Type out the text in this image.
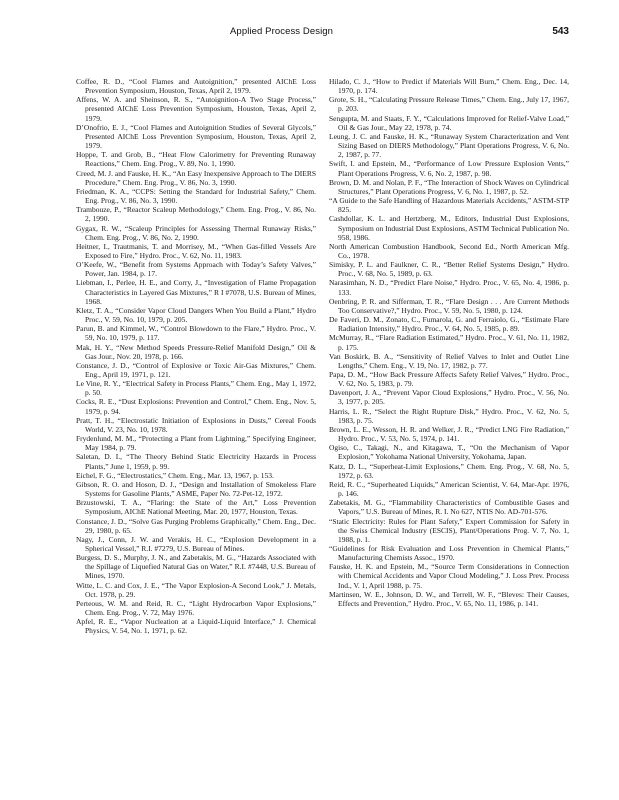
Applied Process Design	543

Coffee, R. D., “Cool Flames and Autoignition,” presented AIChE Loss Prevention Symposium, Houston, Texas, April 2, 1979.

Affens, W. A. and Sheinson, R. S., “Autoignition-A Two Stage Process,” presented AIChE Loss Prevention Symposium, Houston, Texas, April 2, 1979.

D’Onofrio, E. J., “Cool Flames and Autoignition Studies of Several Glycols,” Presented AIChE Loss Prevention Symposium, Houston, Texas, April 2, 1979.

Hoppe, T. and Grob, B., “Heat Flow Calorimetry for Preventing Runaway Reactions,” Chem. Eng. Prog., V. 89, No. 1, 1990.

Creed, M. J. and Fauske, H. K., “An Easy Inexpensive Approach to The DIERS Procedure,” Chem. Eng. Prog., V. 86, No. 3, 1990.

Friedman, K. A., “CCPS: Setting the Standard for Industrial Safety,” Chem. Eng. Prog., V. 86, No. 3, 1990.

Trambouze, P., “Reactor Scaleup Methodology,” Chem. Eng. Prog., V. 86, No. 2, 1990.

Gygax, R. W., “Scaleup Principles for Assessing Thermal Runaway Risks,” Chem. Eng. Prog., V. 86, No. 2, 1990.

Heitner, I., Trautmanis, T. and Morrisey, M., “When Gas-filled Vessels Are Exposed to Fire,” Hydro. Proc., V. 62, No. 11, 1983.

O’Keefe, W., “Benefit from Systems Approach with Today’s Safety Valves,” Power, Jan. 1984, p. 17.

Liebman, I., Perlee, H. E., and Corry, J., “Investigation of Flame Propagation Characteristics in Layered Gas Mixtures,” R I #7078, U.S. Bureau of Mines, 1968.

Kletz, T. A., “Consider Vapor Cloud Dangers When You Build a Plant,” Hydro Proc., V. 59, No. 10, 1979, p. 205.

Parun, B. and Kimmel, W., “Control Blowdown to the Flare,” Hydro. Proc., V. 59, No. 10, 1979, p. 117.

Mak, H. Y., “New Method Speeds Pressure-Relief Manifold Design,” Oil & Gas Jour., Nov. 20, 1978, p. 166.

Constance, J. D., “Control of Explosive or Toxic Air-Gas Mixtures,” Chem. Eng., April 19, 1971, p. 121.

Le Vine, R. Y., “Electrical Safety in Process Plants,” Chem. Eng., May 1, 1972, p. 50.

Cocks, R. E., “Dust Explosions: Prevention and Control,” Chem. Eng., Nov. 5, 1979, p. 94.

Pratt, T. H., “Electrostatic Initiation of Explosions in Dusts,” Cereal Foods World, V. 23, No. 10, 1978.

Frydenlund, M. M., “Protecting a Plant from Lightning,” Specifying Engineer, May 1984, p. 79.

Saletan, D. I., “The Theory Behind Static Electricity Hazards in Process Plants,” June 1, 1959, p. 99.

Eichel, F. G., “Electrostatics,” Chem. Eng., Mar. 13, 1967, p. 153.

Gibson, R. O. and Hoson, D. J., “Design and Installation of Smokeless Flare Systems for Gasoline Plants,” ASME, Paper No. 72-Pet-12, 1972.

Brzustowski, T. A., “Flaring: the State of the Art,” Loss Prevention Symposium, AIChE National Meeting, Mar. 20, 1977, Houston, Texas.

Constance, J. D., “Solve Gas Purging Problems Graphically,” Chem. Eng., Dec. 29, 1980, p. 65.

Nagy, J., Conn, J. W. and Verakis, H. C., “Explosion Development in a Spherical Vessel,” R.I. #7279, U.S. Bureau of Mines.

Burgess, D. S., Murphy, J. N., and Zabetakis, M. G., “Hazards Associated with the Spillage of Liquefied Natural Gas on Water,” R.I. #7448, U.S. Bureau of Mines, 1970.

Witte, L. C. and Cox, J. E., “The Vapor Explosion-A Second Look,” J. Metals, Oct. 1978, p. 29.

Perteous, W. M. and Reid, R. C., “Light Hydrocarbon Vapor Explosions,” Chem. Eng. Prog., V. 72, May 1976.

Apfel, R. E., “Vapor Nucleation at a Liquid-Liquid Interface,” J. Chemical Physics, V. 54, No. 1, 1971, p. 62.

Hilado, C. J., “How to Predict if Materials Will Burn,” Chem. Eng., Dec. 14, 1970, p. 174.

Grote, S. H., “Calculating Pressure Release Times,” Chem. Eng., July 17, 1967, p. 203.

Sengupta, M. and Staats, F. Y., “Calculations Improved for Relief-Valve Load,” Oil & Gas Jour., May 22, 1978, p. 74.

Leung, J. C. and Fauske, H. K., “Runaway System Characterization and Vent Sizing Based on DIERS Methodology,” Plant Operations Progress, V. 6, No. 2, 1987, p. 77.

Swift, I. and Epstein, M., “Performance of Low Pressure Explosion Vents,” Plant Operations Progress, V. 6, No. 2, 1987, p. 98.

Brown, D. M. and Nolan, P. F., “The Interaction of Shock Waves on Cylindrical Structures,” Plant Operations Progress, V. 6, No. 1, 1987, p. 52.

“A Guide to the Safe Handling of Hazardous Materials Accidents,” ASTM-STP 825.

Cashdollar, K. L. and Hertzberg, M., Editors, Industrial Dust Explosions, Symposium on Industrial Dust Explosions, ASTM Technical Publication No. 958, 1986.

North American Combustion Handbook, Second Ed., North American Mfg. Co., 1978.

Simisky, P. L. and Faulkner, C. R., “Better Relief Systems Design,” Hydro. Proc., V. 68, No. 5, 1989, p. 63.

Narasimhan, N. D., “Predict Flare Noise,” Hydro. Proc., V. 65, No. 4, 1986, p. 133.

Oenbring, P. R. and Sifferman, T. R., “Flare Design . . . Are Current Methods Too Conservative?,” Hydro. Proc., V. 59, No. 5, 1980, p. 124.

De Faveri, D. M., Zonato, C., Fumarola, G. and Ferraiolo, G., “Estimate Flare Radiation Intensity,” Hydro. Proc., V. 64, No. 5, 1985, p. 89.

McMurray, R., “Flare Radiation Estimated,” Hydro. Proc., V. 61, No. 11, 1982, p. 175.

Van Boskirk, B. A., “Sensitivity of Relief Valves to Inlet and Outlet Line Lengths,” Chem. Eng., V. 19, No. 17, 1982, p. 77.

Papa, D. M., “How Back Pressure Affects Safety Relief Valves,” Hydro. Proc., V. 62, No. 5, 1983, p. 79.

Davenport, J. A., “Prevent Vapor Cloud Explosions,” Hydro. Proc., V. 56, No. 3, 1977, p. 205.

Harris, L. R., “Select the Right Rupture Disk,” Hydro. Proc., V. 62, No. 5, 1983, p. 75.

Brown, L. E., Wesson, H. R. and Welker, J. R., “Predict LNG Fire Radiation,” Hydro. Proc., V. 53, No. 5, 1974, p. 141.

Ogiso, C., Takagi, N., and Kitagawa, T., “On the Mechanism of Vapor Explosion,” Yokohama National University, Yokohama, Japan.

Katz, D. L., “Superheat-Limit Explosions,” Chem. Eng. Prog., V. 68, No. 5, 1972, p. 63.

Reid, R. C., “Superheated Liquids,” American Scientist, V. 64, Mar-Apr. 1976, p. 146.

Zabetakis, M. G., “Flammability Characteristics of Combustible Gases and Vapors,” U.S. Bureau of Mines, R. I. No 627, NTIS No. AD-701-576.

“Static Electricity: Rules for Plant Safety,” Expert Commission for Safety in the Swiss Chemical Industry (ESCIS), Plant/Operations Prog. V. 7, No. 1, 1988, p. 1.

“Guidelines for Risk Evaluation and Loss Prevention in Chemical Plants,” Manufacturing Chemists Assoc., 1970.

Fauske, H. K. and Epstein, M., “Source Term Considerations in Connection with Chemical Accidents and Vapor Cloud Modeling,” J. Loss Prev. Process Ind., V. 1, April 1988, p. 75.

Martinsen, W. E., Johnson, D. W., and Terrell, W. F., “Bleves: Their Causes, Effects and Prevention,” Hydro. Proc., V. 65, No. 11, 1986, p. 141.
